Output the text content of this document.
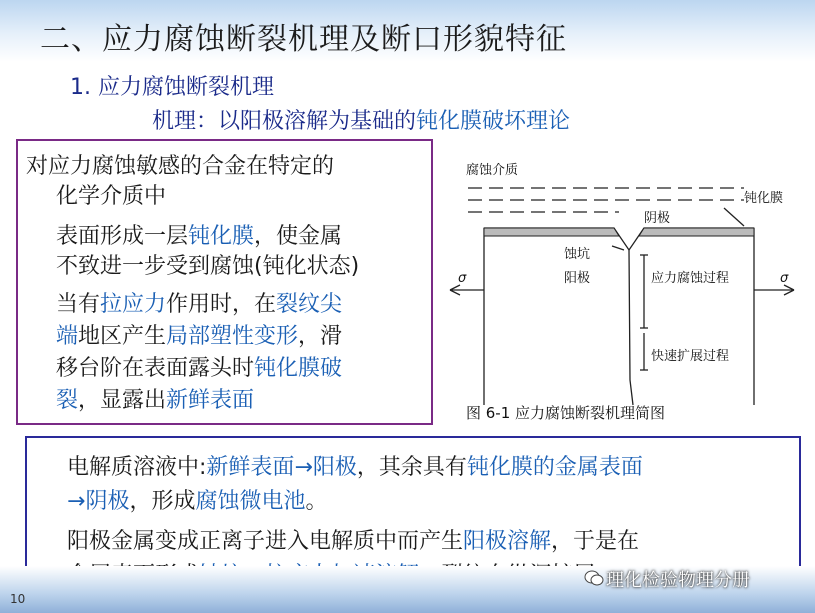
二、应力腐蚀断裂机理及断口形貌特征
1. 应力腐蚀断裂机理
机理：以阳极溶解为基础的钝化膜破坏理论

对应力腐蚀敏感的合金在特定的

化学介质中

表面形成一层钝化膜，使金属

不致进一步受到腐蚀(钝化状态)

当有拉应力作用时，在裂纹尖

端地区产生局部塑性变形，滑

移台阶在表面露头时钝化膜破

裂，显露出新鲜表面

腐蚀介质
钝化膜
阴极
蚀坑
阳极	应力腐蚀过程
快速扩展过程
σ	σ
图 6-1 应力腐蚀断裂机理简图

电解质溶液中:新鲜表面→阳极，其余具有钝化膜的金属表面

→阴极，形成腐蚀微电池。

阳极金属变成正离子进入电解质中而产生阳极溶解，于是在

10
理化检验物理分册
